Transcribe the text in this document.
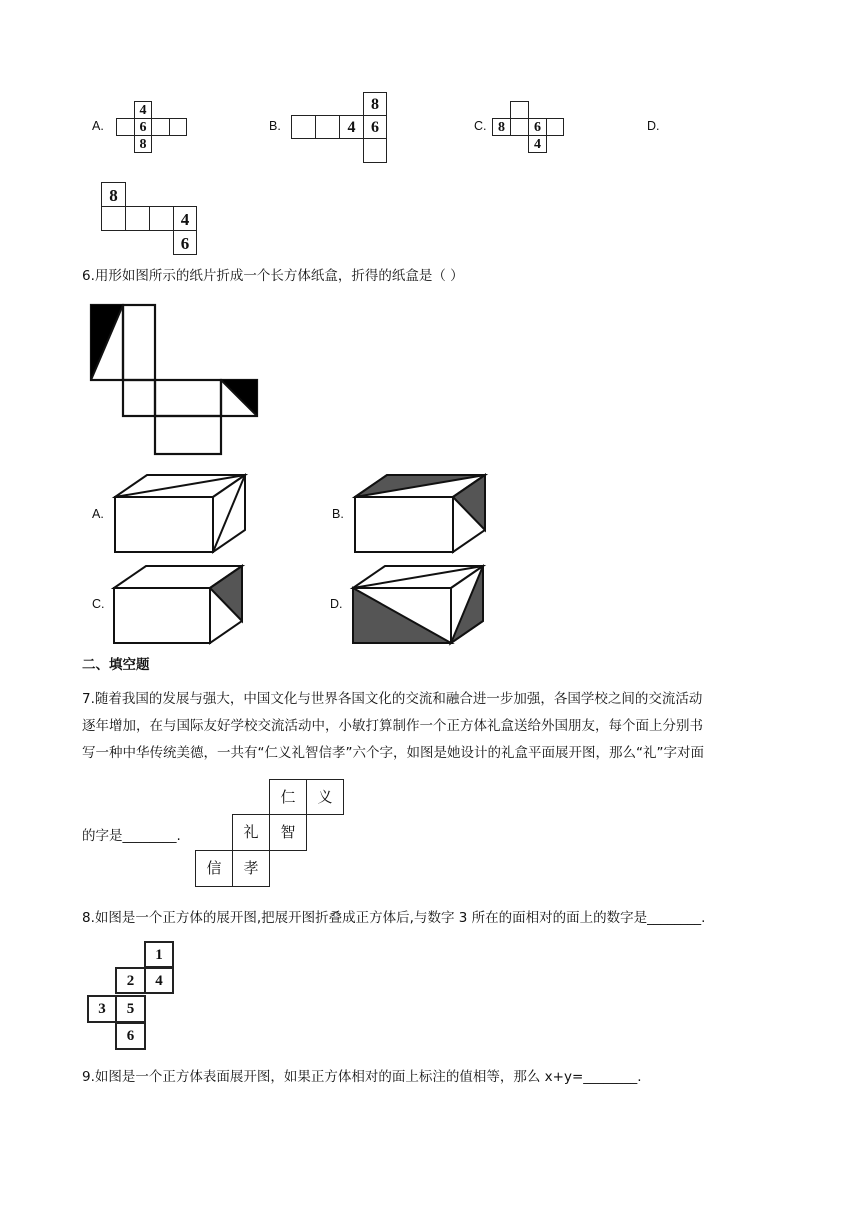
A.
4
6
8
B.
8
4 6	C. 8	6
4
D.
8
4
6
6.用形如图所示的纸片折成一个长方体纸盒，折得的纸盒是（ ）
A.	B.
C.	D.
二、填空题
7.随着我国的发展与强大，中国文化与世界各国文化的交流和融合进一步加强，各国学校之间的交流活动
逐年增加，在与国际友好学校交流活动中，小敏打算制作一个正方体礼盒送给外国朋友，每个面上分别书
写一种中华传统美德，一共有“仁义礼智信孝”六个字，如图是她设计的礼盒平面展开图，那么“礼”字对面
的字是________.
仁	义
礼	智
信	孝
8.如图是一个正方体的展开图,把展开图折叠成正方体后,与数字 3 所在的面相对的面上的数字是________.
1
2	4
3	5
6
9.如图是一个正方体表面展开图，如果正方体相对的面上标注的值相等，那么 x+y=________.
